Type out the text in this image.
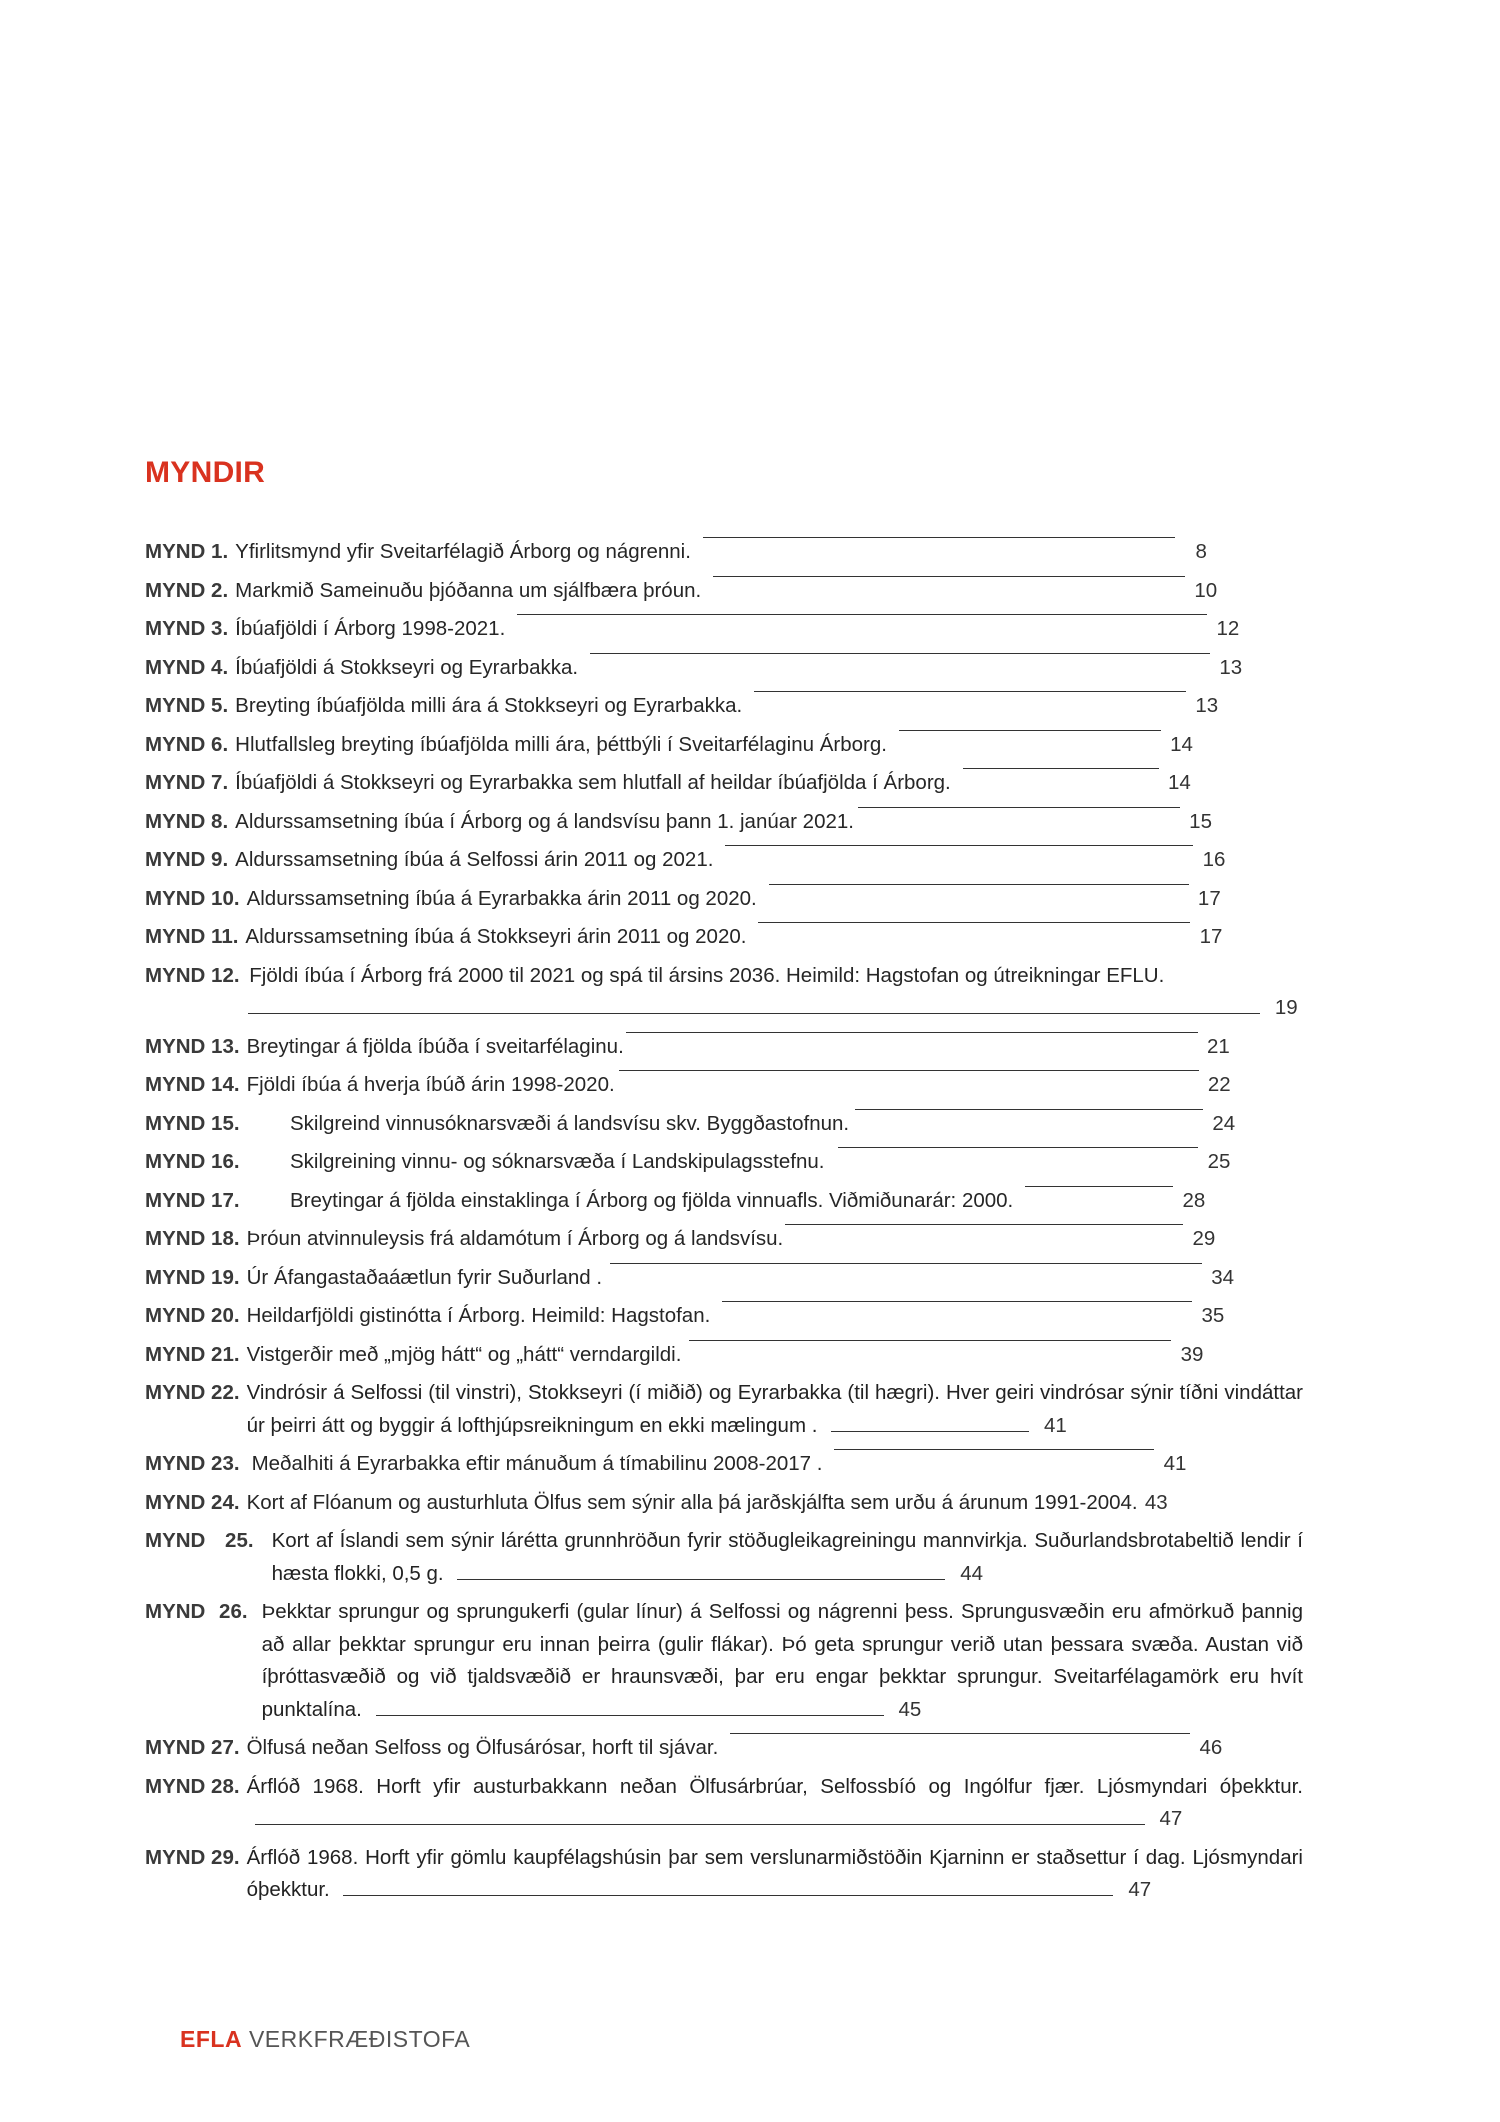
MYNDIR
MYND 1. Yfirlitsmynd yfir Sveitarfélagið Árborg og nágrenni.	8
MYND 2. Markmið Sameinuðu þjóðanna um sjálfbæra þróun.	10
MYND 3. Íbúafjöldi í Árborg 1998-2021.	12
MYND 4. Íbúafjöldi á Stokkseyri og Eyrarbakka.	13
MYND 5. Breyting íbúafjölda milli ára á Stokkseyri og Eyrarbakka.	13
MYND 6. Hlutfallsleg breyting íbúafjölda milli ára, þéttbýli í Sveitarfélaginu Árborg.	14
MYND 7. Íbúafjöldi á Stokkseyri og Eyrarbakka sem hlutfall af heildar íbúafjölda í Árborg.	14
MYND 8. Aldurssamsetning íbúa í Árborg og á landsvísu þann 1. janúar 2021.	15
MYND 9. Aldurssamsetning íbúa á Selfossi árin 2011 og 2021.	16
MYND 10. Aldurssamsetning íbúa á Eyrarbakka árin 2011 og 2020.	17
MYND 11. Aldurssamsetning íbúa á Stokkseyri árin 2011 og 2020.	17
MYND 12. Fjöldi íbúa í Árborg frá 2000 til 2021 og spá til ársins 2036. Heimild: Hagstofan og útreikningar EFLU.
19
MYND 13. Breytingar á fjölda íbúða í sveitarfélaginu.	21
MYND 14. Fjöldi íbúa á hverja íbúð árin 1998-2020.	22
MYND 15.	Skilgreind vinnusóknarsvæði á landsvísu skv. Byggðastofnun.	24
MYND 16.	Skilgreining vinnu- og sóknarsvæða í Landskipulagsstefnu.	25
MYND 17.	Breytingar á fjölda einstaklinga í Árborg og fjölda vinnuafls. Viðmiðunarár: 2000.	28
MYND 18. Þróun atvinnuleysis frá aldamótum í Árborg og á landsvísu.	29
MYND 19. Úr Áfangastaðaáætlun fyrir Suðurland .	34
MYND 20. Heildarfjöldi gistinótta í Árborg. Heimild: Hagstofan.	35
MYND 21. Vistgerðir með „mjög hátt“ og „hátt“ verndargildi.	39
MYND 22. Vindrósir á Selfossi (til vinstri), Stokkseyri (í miðið) og Eyrarbakka (til hægri). Hver geiri vindrósar sýnir tíðni vindáttar úr þeirri átt og byggir á lofthjúpsreikningum en ekki mælingum .	41
MYND 23. Meðalhiti á Eyrarbakka eftir mánuðum á tímabilinu 2008-2017 .	41
MYND 24. Kort af Flóanum og austurhluta Ölfus sem sýnir alla þá jarðskjálfta sem urðu á árunum 1991-2004. 43
MYND 25. Kort af Íslandi sem sýnir lárétta grunnhröðun fyrir stöðugleikagreiningu mannvirkja. Suðurlandsbrotabeltið lendir í hæsta flokki, 0,5 g.	44
MYND 26. Þekktar sprungur og sprungukerfi (gular línur) á Selfossi og nágrenni þess. Sprungusvæðin eru afmörkuð þannig að allar þekktar sprungur eru innan þeirra (gulir flákar). Þó geta sprungur verið utan þessara svæða. Austan við íþróttasvæðið og við tjaldsvæðið er hraunsvæði, þar eru engar þekktar sprungur. Sveitarfélagamörk eru hvít punktalína.	45
MYND 27. Ölfusá neðan Selfoss og Ölfusárósar, horft til sjávar.	46
MYND 28. Árflóð 1968. Horft yfir austurbakkann neðan Ölfusárbrúar, Selfossbíó og Ingólfur fjær. Ljósmyndari óþekktur.  47
MYND 29. Árflóð 1968. Horft yfir gömlu kaupfélagshúsin þar sem verslunarmiðstöðin Kjarninn er staðsettur í dag. Ljósmyndari óþekktur.	47
EFLA VERKFRÆÐISTOFA
